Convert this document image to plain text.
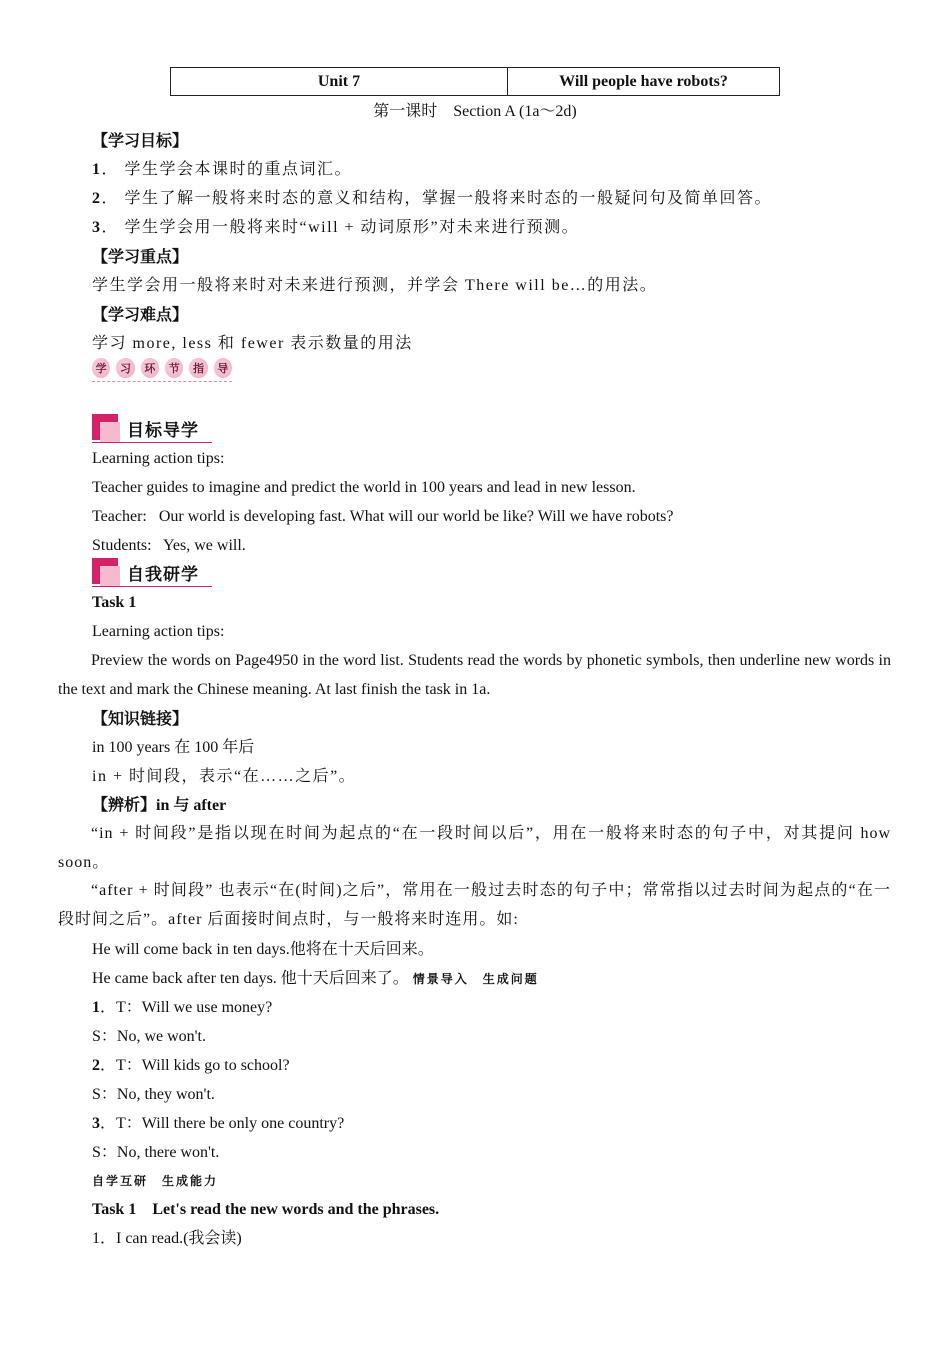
Unit 7	Will people have robots?
第一课时　Section A (1a～2d)
【学习目标】
1． 学生学会本课时的重点词汇。
2． 学生了解一般将来时态的意义和结构，掌握一般将来时态的一般疑问句及简单回答。
3． 学生学会用一般将来时“will + 动词原形”对未来进行预测。
【学习重点】
学生学会用一般将来时对未来进行预测，并学会 There will be…的用法。
【学习难点】
学习 more, less 和 fewer 表示数量的用法
学	习	环	节	指	导
目标导学
Learning action tips:
Teacher guides to imagine and predict the world in 100 years and lead in new lesson.
Teacher:   Our world is developing fast. What will our world be like? Will we have robots?
Students:   Yes, we will.
自我研学
Task 1
Learning action tips:
Preview the words on Page4950 in the word list. Students read the words by phonetic symbols, then underline new words in the text and mark the Chinese meaning. At last finish the task in 1a.
【知识链接】
in 100 years 在 100 年后
in + 时间段，表示“在……之后”。
【辨析】in 与 after
“in + 时间段”是指以现在时间为起点的“在一段时间以后”，用在一般将来时态的句子中，对其提问 how soon。
“after + 时间段” 也表示“在(时间)之后”，常用在一般过去时态的句子中；常常指以过去时间为起点的“在一段时间之后”。after 后面接时间点时，与一般将来时连用。如:
He will come back in ten days.他将在十天后回来。
He came back after ten days. 他十天后回来了。 情景导入　生成问题
1．T：Will we use money?
S：No, we won't.
2．T：Will kids go to school?
S：No, they won't.
3．T：Will there be only one country?
S：No, there won't.
自学互研　生成能力
Task 1　Let's read the new words and the phrases.
1．I can read.(我会读)
